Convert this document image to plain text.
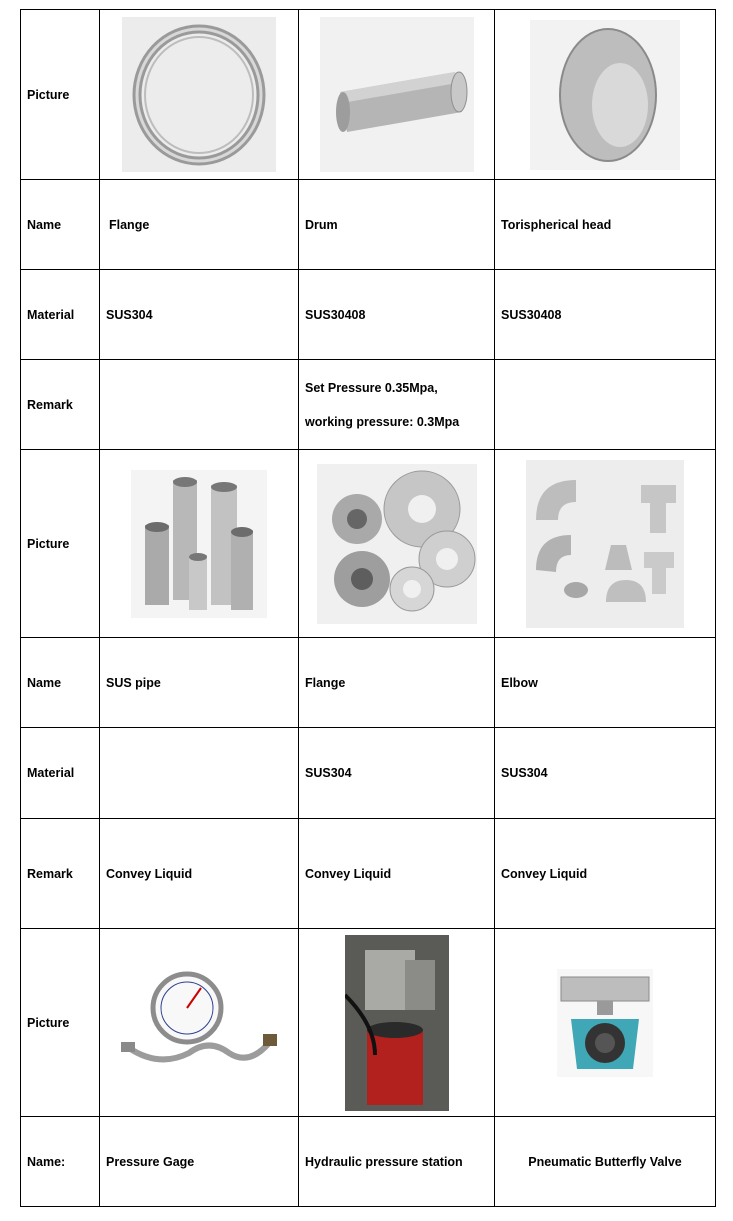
Picture	

Name	Flange	Drum	Torispherical head
Material	SUS304	SUS30408	SUS30408
Remark		Set Pressure 0.35Mpa,
working pressure: 0.3Mpa	

Picture	

Name	SUS pipe	Flange	Elbow
Material		SUS304	SUS304
Remark	Convey Liquid	Convey Liquid	Convey Liquid
Picture	

Name:	Pressure Gage	Hydraulic pressure station	Pneumatic Butterfly Valve
